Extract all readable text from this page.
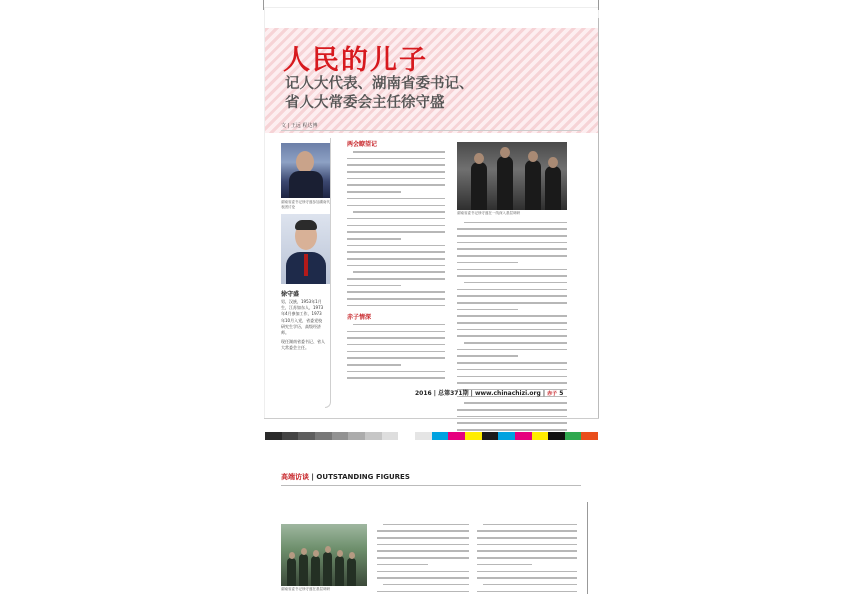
人民的儿子
记人大代表、湖南省委书记、
省人大常委会主任徐守盛
文 | 王远 程达博
湖南省委书记徐守盛参加湖南代表团讨论
徐守盛

男，汉族，1953年1月生，江苏如东人，1973年4月参加工作，1973年10月入党，省委党校研究生学历，高级经济师。

现任湖南省委书记、省人大常委会主任。

两会瞭望记
赤子情深
湖南省委书记徐守盛在一线深入基层调研
2016 | 总第371期 | www.chinachizi.org | 赤子 5
高端访谈 | OUTSTANDING FIGURES
湖南省委书记徐守盛在基层调研
